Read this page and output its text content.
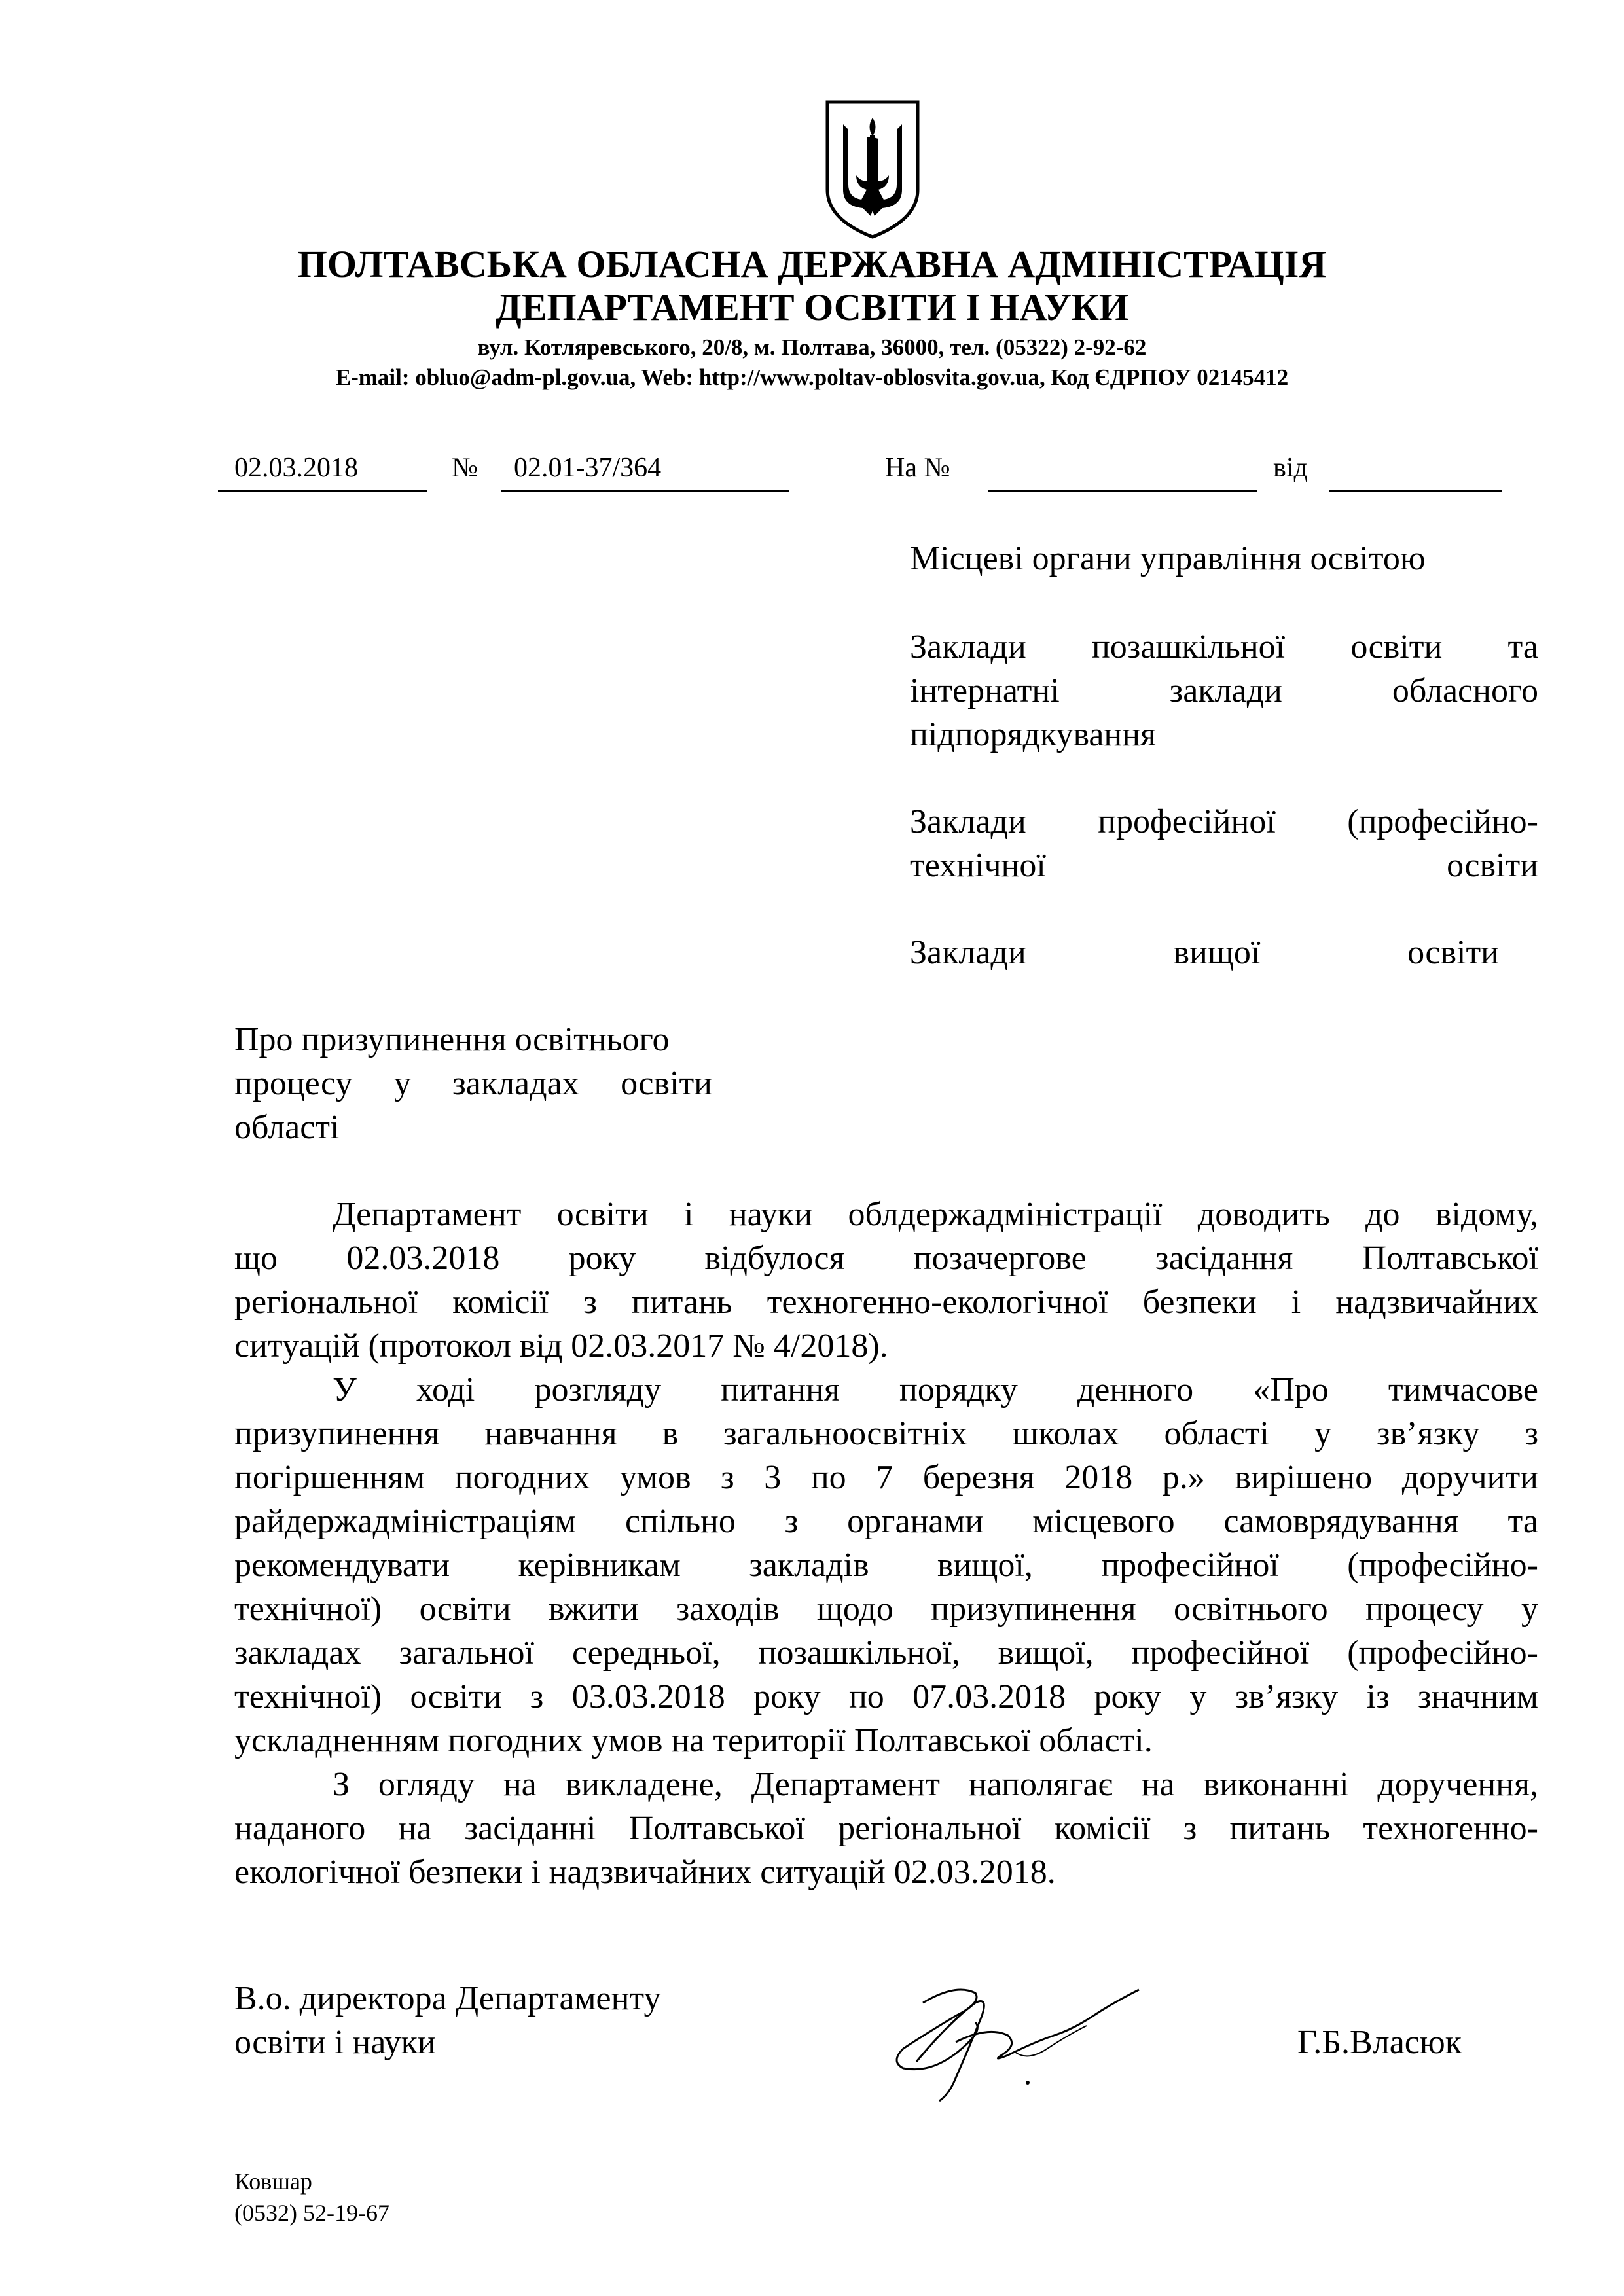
ПОЛТАВСЬКА ОБЛАСНА ДЕРЖАВНА АДМІНІСТРАЦІЯ
ДЕПАРТАМЕНТ ОСВІТИ І НАУКИ
вул. Котляревського, 20/8, м. Полтава, 36000, тел. (05322) 2-92-62
E-mail: obluo@adm-pl.gov.ua, Web: http://www.poltav-oblosvita.gov.ua, Код ЄДРПОУ 02145412
02.03.2018	№ 02.01-37/364	На №	від
Місцеві органи управління освітою
Заклади позашкільної освіти та
інтернатні заклади обласного
підпорядкування
Заклади професійної (професійно-
технічної освіти
Заклади вищої освіти
Про призупинення освітнього
процесу у закладах освіти
області
Департамент освіти і науки облдержадміністрації доводить до відому,
що 02.03.2018 року відбулося позачергове засідання Полтавської
регіональної комісії з питань техногенно-екологічної безпеки і надзвичайних
ситуацій (протокол від 02.03.2017 № 4/2018).
У ході розгляду питання порядку денного «Про тимчасове
призупинення навчання в загальноосвітніх школах області у зв’язку з
погіршенням погодних умов з 3 по 7 березня 2018 р.» вирішено доручити
райдержадміністраціям спільно з органами місцевого самоврядування та
рекомендувати керівникам закладів вищої, професійної (професійно-
технічної) освіти вжити заходів щодо призупинення освітнього процесу у
закладах загальної середньої, позашкільної, вищої, професійної (професійно-
технічної) освіти з 03.03.2018 року по 07.03.2018 року у зв’язку із значним
ускладненням погодних умов на території Полтавської області.
З огляду на викладене, Департамент наполягає на виконанні доручення,
наданого на засіданні Полтавської регіональної комісії з питань техногенно-
екологічної безпеки і надзвичайних ситуацій 02.03.2018.
В.о. директора Департаменту
освіти і науки	Г.Б.Власюк
Ковшар
(0532) 52-19-67
